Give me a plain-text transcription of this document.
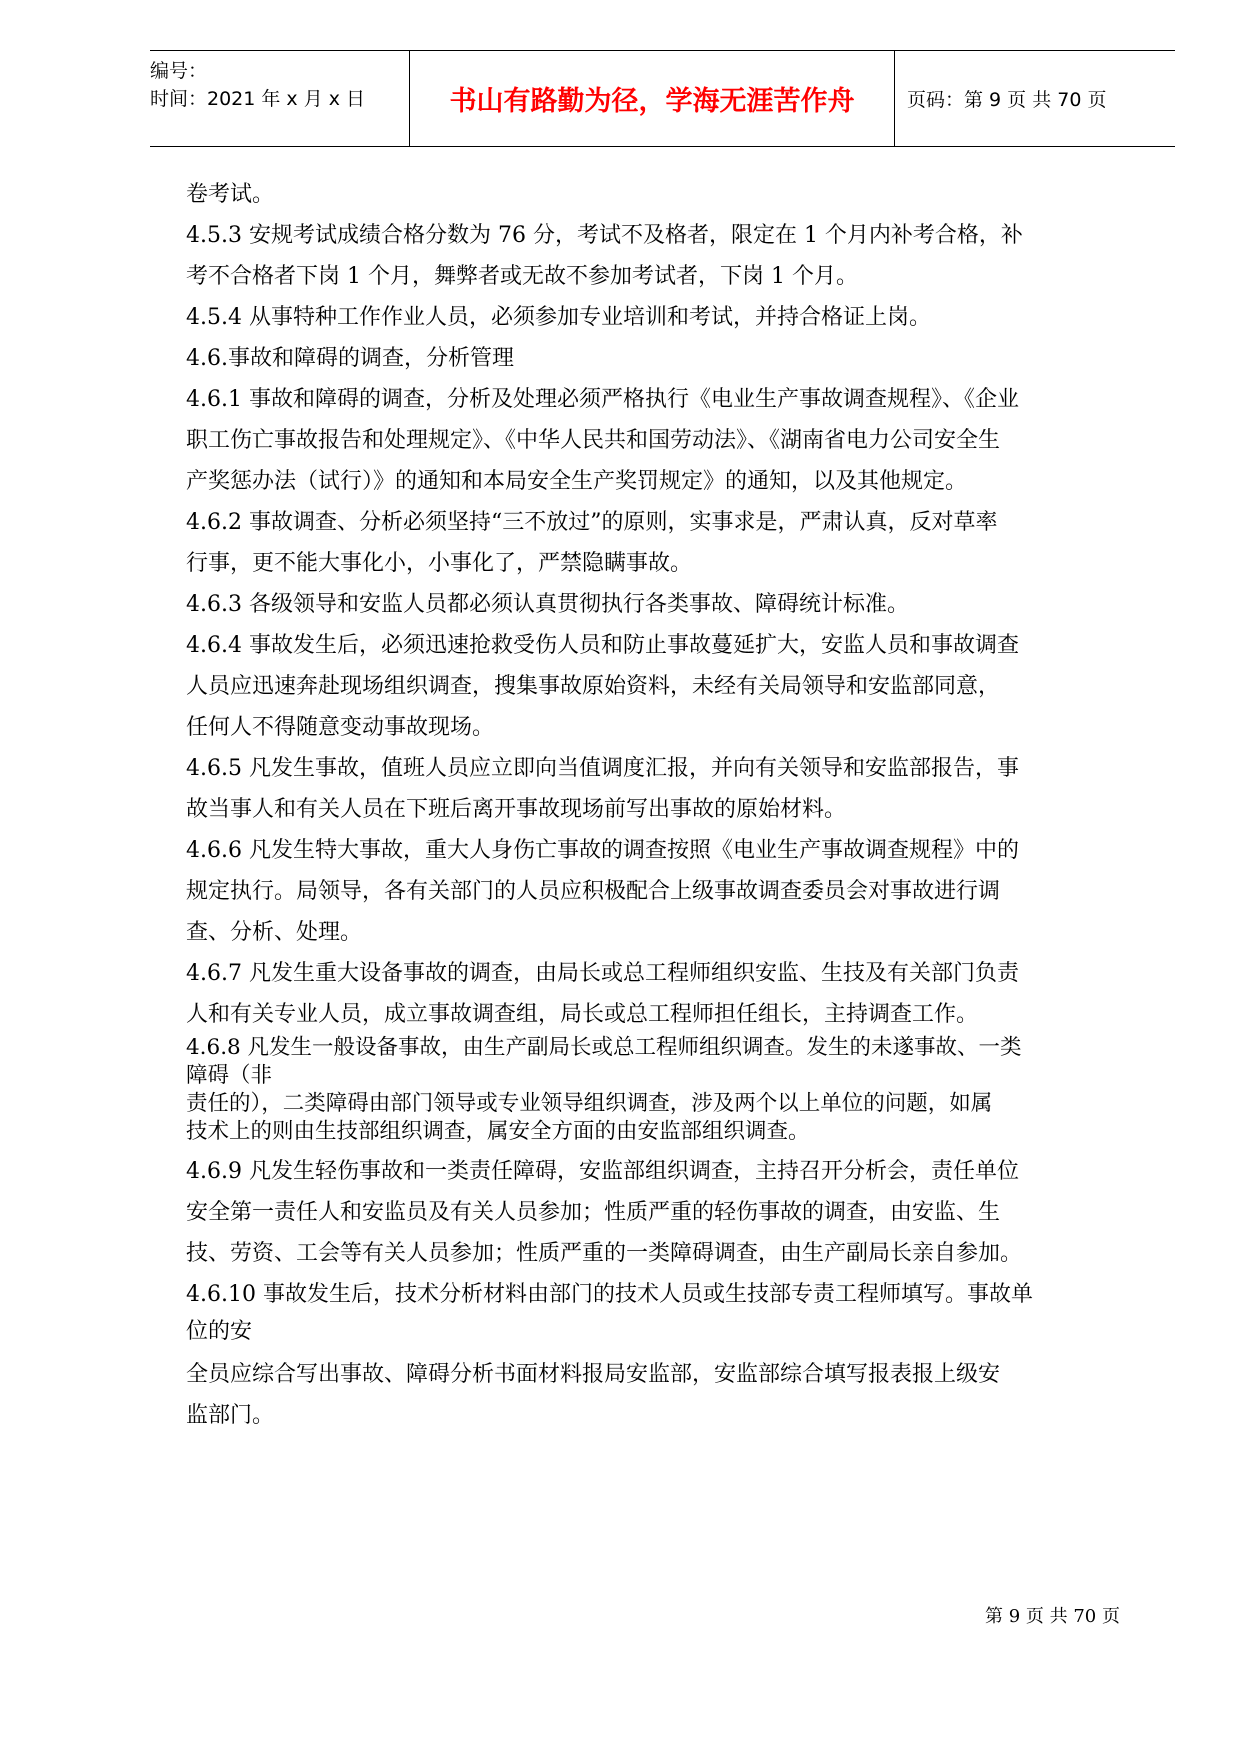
编号：
时间：2021 年 x 月 x 日	书山有路勤为径，学海无涯苦作舟	页码：第 9 页 共 70 页
卷考试。
4.5.3 安规考试成绩合格分数为 76 分，考试不及格者，限定在 1 个月内补考合格，补
考不合格者下岗 1 个月，舞弊者或无故不参加考试者，下岗 1 个月。
4.5.4 从事特种工作作业人员，必须参加专业培训和考试，并持合格证上岗。
4.6.事故和障碍的调查，分析管理
4.6.1 事故和障碍的调查，分析及处理必须严格执行《电业生产事故调查规程》、《企业
职工伤亡事故报告和处理规定》、《中华人民共和国劳动法》、《湖南省电力公司安全生
产奖惩办法（试行）》的通知和本局安全生产奖罚规定》的通知，以及其他规定。
4.6.2 事故调查、分析必须坚持“三不放过”的原则，实事求是，严肃认真，反对草率
行事，更不能大事化小，小事化了，严禁隐瞒事故。
4.6.3 各级领导和安监人员都必须认真贯彻执行各类事故、障碍统计标准。
4.6.4 事故发生后，必须迅速抢救受伤人员和防止事故蔓延扩大，安监人员和事故调查
人员应迅速奔赴现场组织调查，搜集事故原始资料，未经有关局领导和安监部同意，
任何人不得随意变动事故现场。
4.6.5 凡发生事故，值班人员应立即向当值调度汇报，并向有关领导和安监部报告，事
故当事人和有关人员在下班后离开事故现场前写出事故的原始材料。
4.6.6 凡发生特大事故，重大人身伤亡事故的调查按照《电业生产事故调查规程》中的
规定执行。局领导，各有关部门的人员应积极配合上级事故调查委员会对事故进行调
查、分析、处理。
4.6.7 凡发生重大设备事故的调查，由局长或总工程师组织安监、生技及有关部门负责
人和有关专业人员，成立事故调查组，局长或总工程师担任组长，主持调查工作。
4.6.8 凡发生一般设备事故，由生产副局长或总工程师组织调查。发生的未遂事故、一类
障碍（非
责任的），二类障碍由部门领导或专业领导组织调查，涉及两个以上单位的问题，如属
技术上的则由生技部组织调查，属安全方面的由安监部组织调查。
4.6.9 凡发生轻伤事故和一类责任障碍，安监部组织调查，主持召开分析会，责任单位
安全第一责任人和安监员及有关人员参加；性质严重的轻伤事故的调查，由安监、生
技、劳资、工会等有关人员参加；性质严重的一类障碍调查，由生产副局长亲自参加。
4.6.10 事故发生后，技术分析材料由部门的技术人员或生技部专责工程师填写。事故单
位的安
全员应综合写出事故、障碍分析书面材料报局安监部，安监部综合填写报表报上级安
监部门。
第 9 页 共 70 页
